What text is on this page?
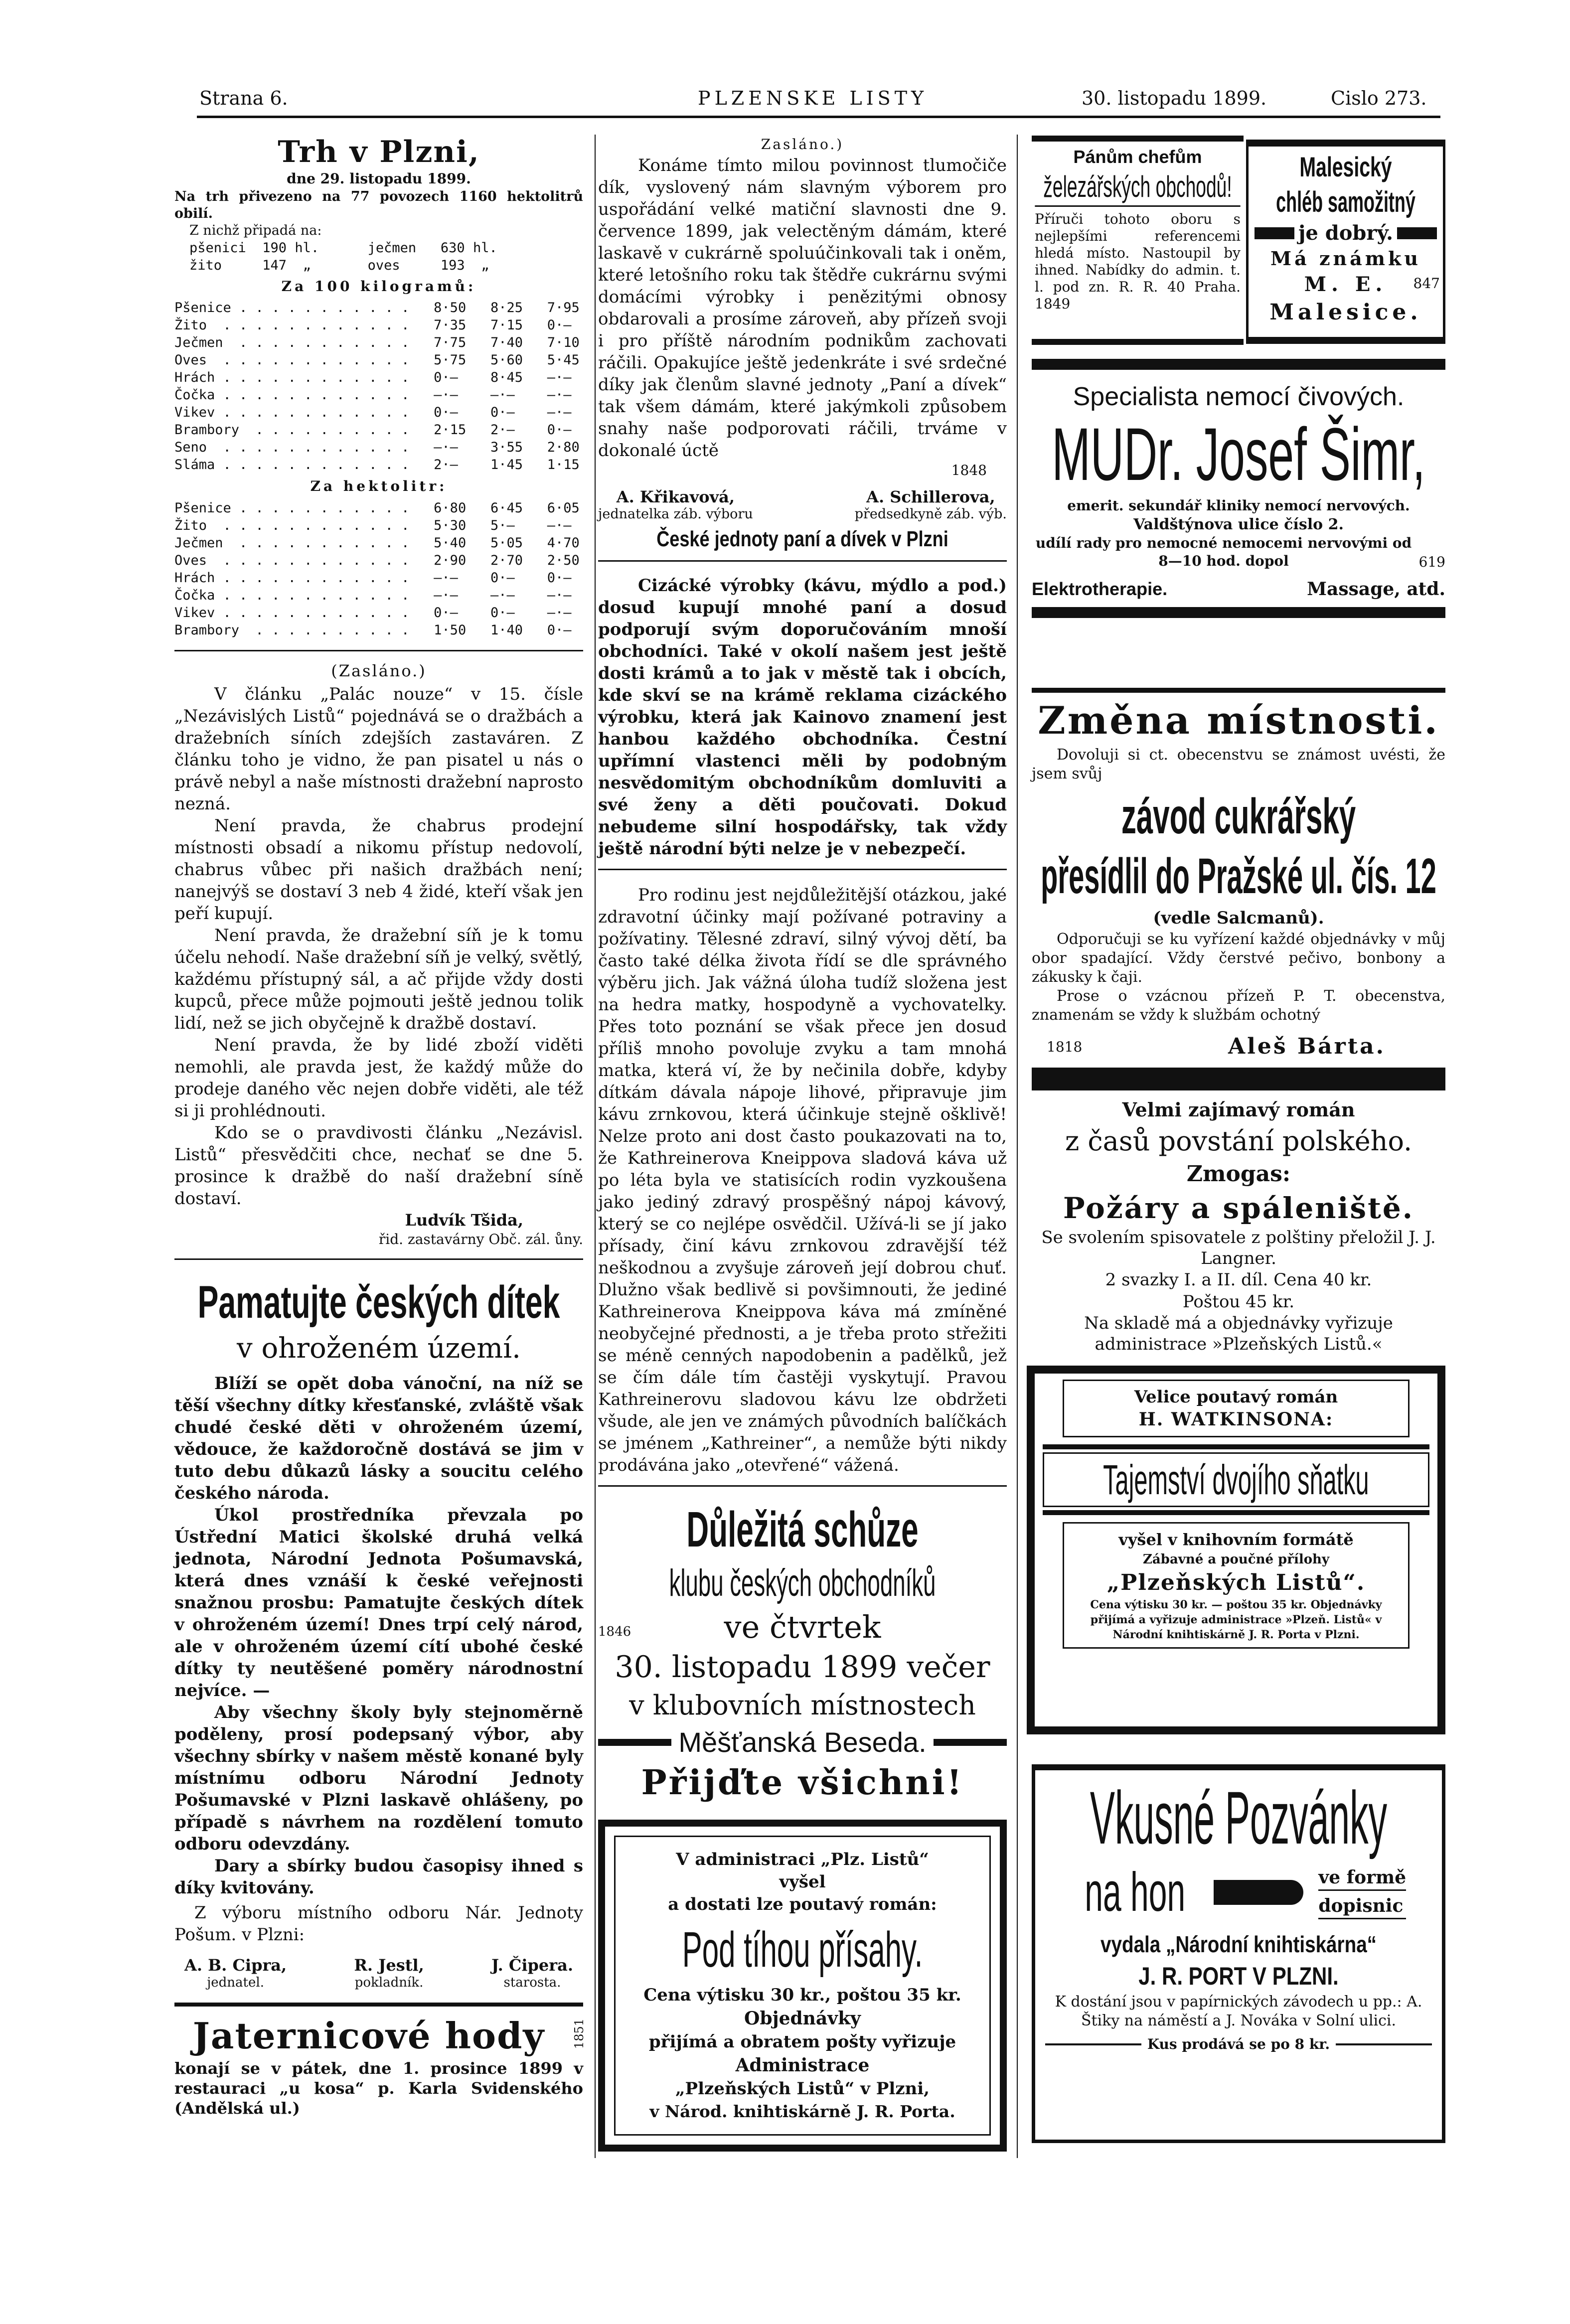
Strana 6.	PLZENSKE LISTY	30. listopadu 1899.	Cislo 273.
Trh v Plzni,
dne 29. listopadu 1899.

Na trh přivezeno na 77 povozech 1160 hektolitrů obilí.

Z nichž připadá na:

pšenici  190 hl.      ječmen   630 hl.

žito     147  „       oves     193  „

Za 100 kilogramů:

Pšenice . . . . . . . . . . .   8·50   8·25   7·95

Žito  . . . . . . . . . . . .   7·35   7·15   0·—

Ječmen  . . . . . . . . . . .   7·75   7·40   7·10

Oves  . . . . . . . . . . . .   5·75   5·60   5·45

Hrách . . . . . . . . . . . .   0·—    8·45   —·—

Čočka . . . . . . . . . . . .   —·—    —·—    —·—

Vikev . . . . . . . . . . . .   0·—    0·—    —·—

Brambory  . . . . . . . . . .   2·15   2·—    0·—

Seno  . . . . . . . . . . . .   —·—    3·55   2·80

Sláma . . . . . . . . . . . .   2·—    1·45   1·15

Za hektolitr:

Pšenice . . . . . . . . . . .   6·80   6·45   6·05

Žito  . . . . . . . . . . . .   5·30   5·—    —·—

Ječmen  . . . . . . . . . . .   5·40   5·05   4·70

Oves  . . . . . . . . . . . .   2·90   2·70   2·50

Hrách . . . . . . . . . . . .   —·—    0·—    0·—

Čočka . . . . . . . . . . . .   —·—    —·—    —·—

Vikev . . . . . . . . . . . .   0·—    0·—    —·—

Brambory  . . . . . . . . . .   1·50   1·40   0·—

(Zasláno.)

V článku „Palác nouze“ v 15. čísle „Nezávislých Listů“ pojednává se o dražbách a dražebních síních zdejších zastaváren. Z článku toho je vidno, že pan pisatel u nás o právě nebyl a naše místnosti dražební naprosto nezná.

Není pravda, že chabrus prodejní místnosti obsadí a nikomu přístup nedovolí, chabrus vůbec při našich dražbách není; nanejvýš se dostaví 3 neb 4 židé, kteří však jen peří kupují.

Není pravda, že dražební síň je k tomu účelu nehodí. Naše dražební síň je velký, světlý, každému přístupný sál, a ač přijde vždy dosti kupců, přece může pojmouti ještě jednou tolik lidí, než se jich obyčejně k dražbě dostaví.

Není pravda, že by lidé zboží viděti nemohli, ale pravda jest, že každý může do prodeje daného věc nejen dobře viděti, ale též si ji prohlédnouti.

Kdo se o pravdivosti článku „Nezávisl. Listů“ přesvědčiti chce, nechať se dne 5. prosince k dražbě do naší dražební síně dostaví.

Ludvík Tšida,
řid. zastavárny Obč. zál. ůny.
Pamatujte českých dítek
v ohroženém území.

Blíží se opět doba vánoční, na níž se těší všechny dítky křesťanské, zvláště však chudé české děti v ohroženém území, vědouce, že každoročně dostává se jim v tuto debu důkazů lásky a soucitu celého českého národa.

Úkol prostředníka převzala po Ústřední Matici školské druhá velká jednota, Národní Jednota Pošumavská, která dnes vznáší k české veřejnosti snažnou prosbu: Pamatujte českých dítek v ohroženém území! Dnes trpí celý národ, ale v ohroženém území cítí ubohé české dítky ty neutěšené poměry národnostní nejvíce. —

Aby všechny školy byly stejnoměrně poděleny, prosí podepsaný výbor, aby všechny sbírky v našem městě konané byly místnímu odboru Národní Jednoty Pošumavské v Plzni laskavě ohlášeny, po případě s návrhem na rozdělení tomuto odboru odevzdány.

Dary a sbírky budou časopisy ihned s díky kvitovány.

Z výboru místního odboru Nár. Jednoty Pošum. v Plzni:

A. B. Cipra,
jednatel.
R. Jestl,
pokladník.
J. Čipera.
starosta.
Jaternicové hody	1851

konají se v pátek, dne 1. prosince 1899 v restauraci „u kosa“ p. Karla Svidenského (Andělská ul.)

Zasláno.)

Konáme tímto milou povinnost tlumočiče dík, vyslovený nám slavným výborem pro uspořádání velké matiční slavnosti dne 9. července 1899, jak velectěným dámám, které laskavě v cukrárně spoluúčinkovali tak i oněm, které letošního roku tak štědře cukrárnu svými domácími výrobky i penězitými obnosy obdarovali a prosíme zároveň, aby přízeň svoji i pro příště národním podnikům zachovati ráčili. Opakujíce ještě jedenkráte i své srdečné díky jak členům slavné jednoty „Paní a dívek“ tak všem dámám, které jakýmkoli způsobem snahy naše podporovati ráčili, trváme v dokonalé úctě

1848
A. Křikavová,
jednatelka záb. výboru
A. Schillerova,
předsedkyně záb. výb.
České jednoty paní a dívek v Plzni

Cizácké výrobky (kávu, mýdlo a pod.) dosud kupují mnohé paní a dosud podporují svým doporučováním mnoší obchodníci. Také v okolí našem jest ještě dosti krámů a to jak v městě tak i obcích, kde skví se na krámě reklama cizáckého výrobku, která jak Kainovo znamení jest hanbou každého obchodníka. Čestní upřímní vlastenci měli by podobným nesvědomitým obchodníkům domluviti a své ženy a děti poučovati. Dokud nebudeme silní hospodářsky, tak vždy ještě národní býti nelze je v nebezpečí.

Pro rodinu jest nejdůležitější otázkou, jaké zdravotní účinky mají požívané potraviny a požívatiny. Tělesné zdraví, silný vývoj dětí, ba často také délka života řídí se dle správného výběru jich. Jak vážná úloha tudíž složena jest na hedra matky, hospodyně a vychovatelky. Přes toto poznání se však přece jen dosud příliš mnoho povoluje zvyku a tam mnohá matka, která ví, že by nečinila dobře, kdyby dítkám dávala nápoje lihové, připravuje jim kávu zrnkovou, která účinkuje stejně ošklivě! Nelze proto ani dost často poukazovati na to, že Kathreinerova Kneippova sladová káva už po léta byla ve statisících rodin vyzkoušena jako jediný zdravý prospěšný nápoj kávový, který se co nejlépe osvědčil. Užívá-li se jí jako přísady, činí kávu zrnkovou zdravější též neškodnou a zvyšuje zároveň její dobrou chuť. Dlužno však bedlivě si povšimnouti, že jediné Kathreinerova Kneippova káva má zmíněné neobyčejné přednosti, a je třeba proto střežiti se méně cenných napodobenin a padělků, jež se čím dále tím častěji vyskytují. Pravou Kathreinerovu sladovou kávu lze obdržeti všude, ale jen ve známých původních balíčkách se jménem „Kathreiner“, a nemůže býti nikdy prodávána jako „otevřené“ vážená.

Důležitá schůze
klubu českých obchodníků
1846	ve čtvrtek
30. listopadu 1899 večer
v klubovních místnostech
Měšťanská Beseda.
Přijďte všichni!
V administraci „Plz. Listů“
vyšel
a dostati lze poutavý román:
Pod tíhou přísahy.
Cena výtisku 30 kr., poštou 35 kr.
Objednávky
přijímá a obratem pošty vyřizuje
Administrace
„Plzeňských Listů“ v Plzni,
v Národ. knihtiskárně J. R. Porta.
Pánům chefům
železářských obchodů!

Příruči tohoto oboru s nejlepšími referencemi hledá místo. Nastoupil by ihned. Nabídky do admin. t. l. pod zn. R. R. 40 Praha. 1849

Malesický
chléb samožitný
je dobrý.
Má známku
M. E.	847
Malesice.
Specialista nemocí čivových.
MUDr. Josef Šimr,
emerit. sekundář kliniky nemocí nervových.
Valdštýnova ulice číslo 2.

udílí rady pro nemocné nemocemi nervovými od 8—10 hod. dopol	619
Elektrotherapie.	Massage, atd.
Změna místnosti.

Dovoluji si ct. obecenstvu se známost uvésti, že jsem svůj

závod cukrářský
přesídlil do Pražské ul. čís. 12
(vedle Salcmanů).

Odporučuji se ku vyřízení každé objednávky v můj obor spadající. Vždy čerstvé pečivo, bonbony a zákusky k čaji.

Prose o vzácnou přízeň P. T. obecenstva, znamenám se vždy k službám ochotný

1818	Aleš Bárta.
Velmi zajímavý román
z časů povstání polského.
Zmogas:
Požáry a spáleniště.

Se svolením spisovatele z polštiny přeložil J. J. Langner.

2 svazky I. a II. díl. Cena 40 kr.
Poštou 45 kr.

Na skladě má a objednávky vyřizuje administrace »Plzeňských Listů.«

Velice poutavý román
H. WATKINSONA:
Tajemství dvojího sňatku
vyšel v knihovním formátě
Zábavné a poučné přílohy
„Plzeňských Listů“.

Cena výtisku 30 kr. — poštou 35 kr. Objednávky přijímá a vyřizuje administrace »Plzeň. Listů« v Národní knihtiskárně J. R. Porta v Plzni.

Vkusné Pozvánky
na hon	ve formě
dopisnic
vydala „Národní knihtiskárna“
J. R. PORT V PLZNI.

K dostání jsou v papírnických závodech u pp.: A. Štiky na náměstí a J. Nováka v Solní ulici.

Kus prodává se po 8 kr.
